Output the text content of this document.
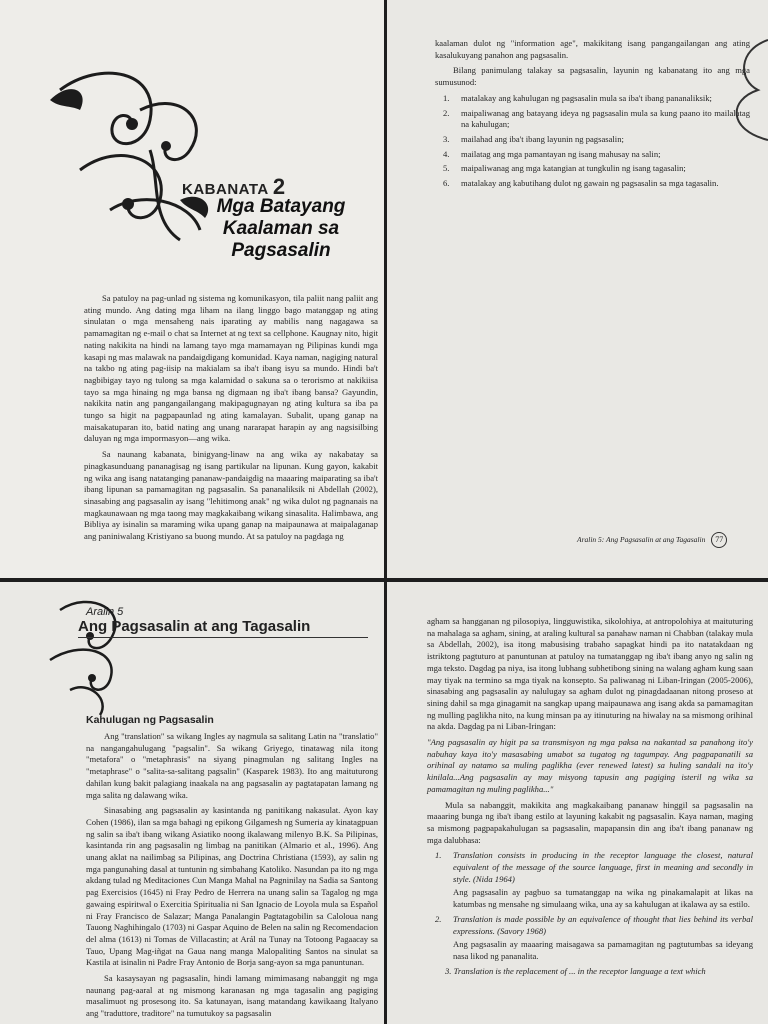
KABANATA 2
Mga Batayang Kaalaman sa Pagsasalin

Sa patuloy na pag-unlad ng sistema ng komunikasyon, tila paliit nang paliit ang ating mundo. Ang dating mga liham na ilang linggo bago matanggap ng ating sinulatan o mga mensaheng nais iparating ay mabilis nang nagagawa sa pamamagitan ng e-mail o chat sa Internet at ng text sa cellphone. Kaugnay nito, higit nating nakikita na hindi na lamang tayo mga mamamayan ng Pilipinas kundi mga kasapi ng mas malawak na pandaigdigang komunidad. Kaya naman, nagiging natural na takbo ng ating pag-iisip na makialam sa iba't ibang isyu sa mundo. Hindi ba't nagbibigay tayo ng tulong sa mga kalamidad o sakuna sa o terorismo at nakikiisa tayo sa mga hinaing ng mga bansa ng digmaan ng iba't ibang bansa? Gayundin, nakikita natin ang pangangailangang makipagugnayan ng ating kultura sa iba pa tungo sa higit na pagpapaunlad ng ating kamalayan. Subalit, upang ganap na maisakatuparan ito, batid nating ang unang nararapat harapin ay ang nagsisilbing daluyan ng mga impormasyon—ang wika.

Sa naunang kabanata, binigyang-linaw na ang wika ay nakabatay sa pinagkasunduang pananagisag ng isang partikular na lipunan. Kung gayon, kakabit ng wika ang isang natatanging pananaw-pandaigdig na maaaring maiparating sa iba't ibang lipunan sa pamamagitan ng pagsasalin. Sa pananaliksik ni Abdellah (2002), sinasabing ang pagsasalin ay isang "lehitimong anak" ng wika dulot ng pagnanais na magkaunawaan ng mga taong may magkakaibang wikang sinasalita. Halimbawa, ang Bibliya ay isinalin sa maraming wika upang ganap na maipaunawa at maipalaganap ang paniniwalang Kristiyano sa buong mundo. At sa patuloy na pagdaga ng

kaalaman dulot ng "information age", makikitang isang pangangailangan ang ating kasalukuyang panahon ang pagsasalin.

Bilang panimulang talakay sa pagsasalin, layunin ng kabanatang ito ang mga sumusunod:

1. matalakay ang kahulugan ng pagsasalin mula sa iba't ibang pananaliksik;
2. maipaliwanag ang batayang ideya ng pagsasalin mula sa kung paano ito mailalatag na kahulugan;
3. mailahad ang iba't ibang layunin ng pagsasalin;
4. mailatag ang mga pamantayan ng isang mahusay na salin;
5. maipaliwanag ang mga katangian at tungkulin ng isang tagasalin;
6. matalakay ang kabutihang dulot ng gawain ng pagsasalin sa mga tagasalin.
Aralin 5: Ang Pagsasalin at ang Tagasalin 77
Aralin 5
Ang Pagsasalin at ang Tagasalin
Kahulugan ng Pagsasalin

Ang "translation" sa wikang Ingles ay nagmula sa salitang Latin na "translatio" na nangangahulugang "pagsalin". Sa wikang Griyego, tinatawag nila itong "metafora" o "metaphrasis" na siyang pinagmulan ng salitang Ingles na "metaphrase" o "salita-sa-salitang pagsalin" (Kasparek 1983). Ito ang maituturong dahilan kung bakit palagiang inaakala na ang pagsasalin ay pagtatapatan lamang ng mga salita ng dalawang wika.

Sinasabing ang pagsasalin ay kasintanda ng panitikang nakasulat. Ayon kay Cohen (1986), ilan sa mga bahagi ng epikong Gilgamesh ng Sumeria ay kinatagpuan ng salin sa iba't ibang wikang Asiatiko noong ikalawang milenyo B.K. Sa Pilipinas, kasintanda rin ang pagsasalin ng limbag na panitikan (Almario et al., 1996). Ang unang aklat na nailimbag sa Pilipinas, ang Doctrina Christiana (1593), ay salin ng mga pangunahing dasal at tuntunin ng simbahang Katoliko. Nasundan pa ito ng mga akdang tulad ng Meditaciones Cun Manga Mahal na Pagninilay na Sadia sa Santong pag Exercisios (1645) ni Fray Pedro de Herrera na unang salin sa Tagalog ng mga gawaing espiritwal o Exercitia Spiritualia ni San Ignacio de Loyola mula sa Español ni Fray Francisco de Salazar; Manga Panalangin Pagtatagobilin sa Caloloua nang Tauong Naghihingalo (1703) ni Gaspar Aquino de Belen na salin ng Recomendacion del alma (1613) ni Tomas de Villacastin; at Arál na Tunay na Totoong Pagaacay sa Tauo, Upang Mag-iñgat na Gaua nang manga Malopaliting Santos na sinulat sa Kastila at isinalin ni Padre Fray Antonio de Borja sang-ayon sa mga panuntunan.

Sa kasaysayan ng pagsasalin, hindi lamang mimimasang nabanggit ng mga naunang pag-aaral at ng mismong karanasan ng mga tagasalin ang pagiging masalimuot ng prosesong ito. Sa katunayan, isang matandang kawikaang Italyano ang "traduttore, traditore" na tumutukoy sa pagsasalin

agham sa hangganan ng pilosopiya, lingguwistika, sikolohiya, at antropolohiya at maituturing na mahalaga sa agham, sining, at araling kultural sa panahaw naman ni Chabban (talakay mula sa Abdellah, 2002), isa itong mabusising trabaho sapagkat hindi pa ito natatakdaan ng istriktong pagtuturo at panuntunan at patuloy na tumatanggap ng iba't ibang anyo ng salin ng mga teksto. Dagdag pa niya, isa itong lubhang subhetibong sining na walang agham kung saan may tiyak na termino sa mga tiyak na konsepto. Sa paliwanag ni Liban-Iringan (2005-2006), sinasabing ang pagsasalin ay nalulugay sa agham dulot ng pinagdadaanan nitong proseso at sining dahil sa mga ginagamit na sangkap upang maipaunawa ang isang akda sa pamamagitan ng mulling paglikha nito, na kung minsan pa ay itinuturing na hiwalay na sa mismong orihinal na akda. Dagdag pa ni Liban-Iringan:

"Ang pagsasalin ay higit pa sa transmisyon ng mga paksa na nakantad sa panahong ito'y nabuhay kaya ito'y masasabing umabot sa tugatog ng tagumpay. Ang pagpapanatili sa orihinal ay natamo sa muling paglikha (ever renewed latest) sa huling sandali na ito'y kinilala...Ang pagsasalin ay may misyong tapusin ang pagiging isteril ng wika sa pamamagitan ng muling paglikha..."

Mula sa nabanggit, makikita ang magkakaibang pananaw hinggil sa pagsasalin na maaaring bunga ng iba't ibang estilo at layuning kakabit ng pagsasalin. Kaya naman, maging sa mismong pagpapakahulugan sa pagsasalin, mapapansin din ang iba't ibang pananaw ng mga dalubhasa:

1. Translation consists in producing in the receptor language the closest, natural equivalent of the message of the source language, first in meaning and secondly in style. (Nida 1964)
Ang pagsasalin ay pagbuo sa tumatanggap na wika ng pinakamalapit at likas na katumbas ng mensahe ng simulaang wika, una ay sa kahulugan at ikalawa ay sa estilo.
2. Translation is made possible by an equivalence of thought that lies behind its verbal expressions. (Savory 1968)
Ang pagsasalin ay maaaring maisagawa sa pamamagitan ng pagtutumbas sa ideyang nasa likod ng pananalita.

3. Translation is the replacement of ... in the receptor language a text which
